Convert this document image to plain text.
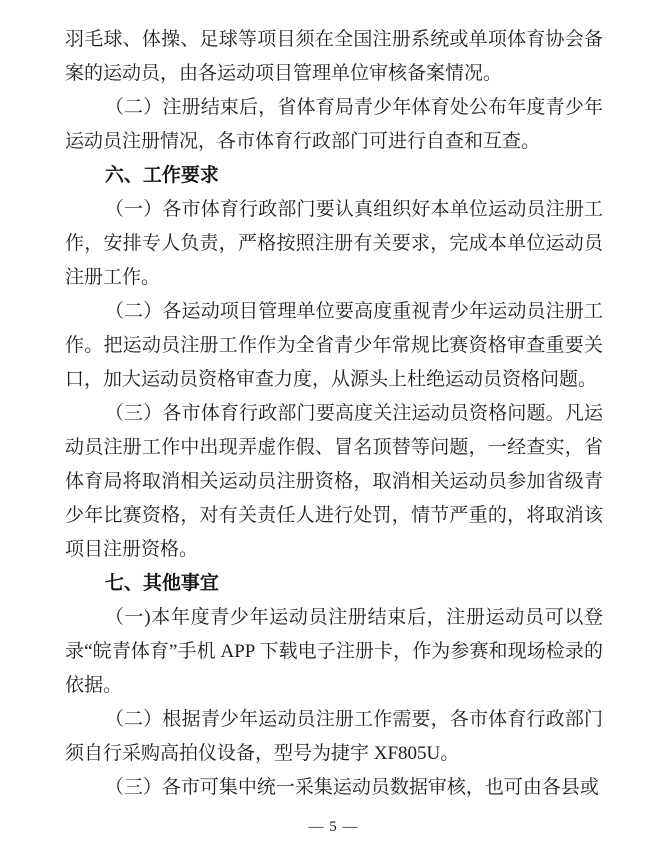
羽毛球、体操、足球等项目须在全国注册系统或单项体育协会备案的运动员，由各运动项目管理单位审核备案情况。

（二）注册结束后，省体育局青少年体育处公布年度青少年运动员注册情况，各市体育行政部门可进行自查和互查。

六、工作要求

（一）各市体育行政部门要认真组织好本单位运动员注册工作，安排专人负责，严格按照注册有关要求，完成本单位运动员注册工作。

（二）各运动项目管理单位要高度重视青少年运动员注册工作。把运动员注册工作作为全省青少年常规比赛资格审查重要关口，加大运动员资格审查力度，从源头上杜绝运动员资格问题。

（三）各市体育行政部门要高度关注运动员资格问题。凡运动员注册工作中出现弄虚作假、冒名顶替等问题，一经查实，省体育局将取消相关运动员注册资格，取消相关运动员参加省级青少年比赛资格，对有关责任人进行处罚，情节严重的，将取消该项目注册资格。

七、其他事宜

（一)本年度青少年运动员注册结束后，注册运动员可以登录“皖青体育”手机 APP 下载电子注册卡，作为参赛和现场检录的依据。

（二）根据青少年运动员注册工作需要，各市体育行政部门须自行采购高拍仪设备，型号为捷宇 XF805U。

（三）各市可集中统一采集运动员数据审核，也可由各县或

— 5 —
